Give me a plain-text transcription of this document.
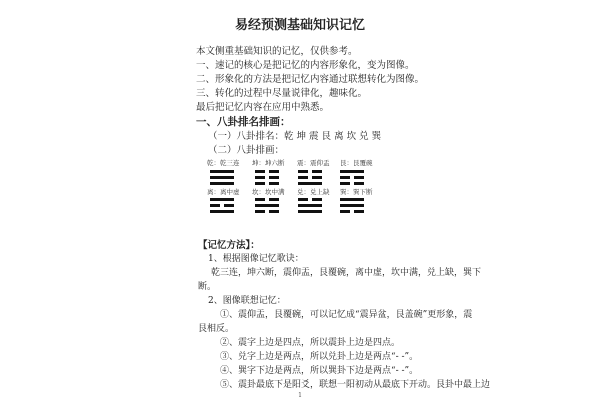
易经预测基础知识记忆
本文侧重基础知识的记忆，仅供参考。
一、速记的核心是把记忆的内容形象化，变为图像。
二、形象化的方法是把记忆内容通过联想转化为图像。
三、转化的过程中尽量说律化，趣味化。
最后把记忆内容在应用中熟悉。
一、八卦排名排画：
（一）八卦排名：乾 坤 震 艮 离 坎 兑 巽
（二）八卦排画：
乾：乾三连 坤：坤六断 震：震仰盂 艮：艮覆碗
离：离中虚 坎：坎中满 兑：兑上缺 巽：巽下断
【记忆方法】：
1、根据图像记忆歌诀：
乾三连，坤六断，震仰盂，艮覆碗，离中虚，坎中满，兑上缺，巽下
断。
2、图像联想记忆：
①、震仰盂，艮覆碗，可以记忆成“震异盆，艮盖碗”更形象，震
艮相反。
②、震字上边是四点，所以震卦上边是四点。
③、兑字上边是两点，所以兑卦上边是两点“- -”。
④、巽字下边是两点，所以巽卦下边是两点“- -”。
⑤、震卦最底下是阳爻，联想一阳初动从最底下开动。艮卦中最上边
1
